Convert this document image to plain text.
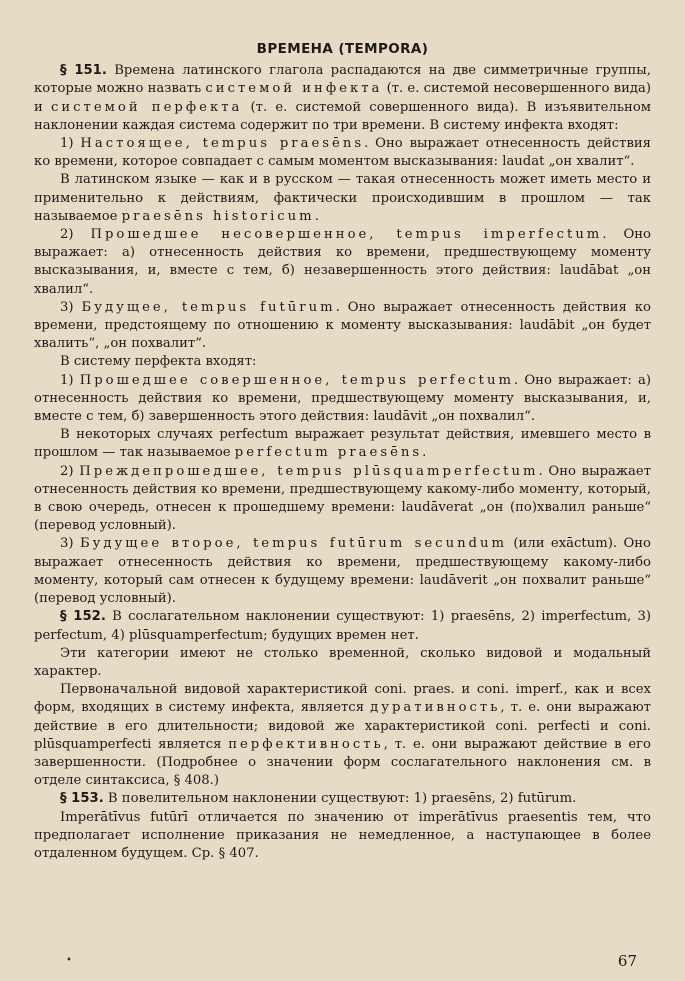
ВРЕМЕНА (TEMPORA)

§ 151. Времена латинского глагола распадаются на две симметричные группы, которые можно назвать системой инфекта (т. е. системой несовершенного вида) и системой перфекта (т. е. системой совершенного вида). В изъявительном наклонении каждая система содержит по три времени. В систему инфекта входят:

1) Настоящее, tempus praesēns. Оно выражает отнесенность действия ко времени, которое совпадает с самым моментом высказывания: laudat „он хвалит“.

В латинском языке — как и в русском — такая отнесенность может иметь место и применительно к действиям, фактически происходившим в прошлом — так называемое praesēns historicum.

2) Прошедшее несовершенное, tempus imperfectum. Оно выражает: а) отнесенность действия ко времени, предшествующему моменту высказывания, и, вместе с тем, б) незавершенность этого действия: laudābat „он хвалил“.

3) Будущее, tempus futūrum. Оно выражает отнесенность действия ко времени, предстоящему по отношению к моменту высказывания: laudābit „он будет хвалить“, „он похвалит“.

В систему перфекта входят:

1) Прошедшее совершенное, tempus perfectum. Оно выражает: а) отнесенность действия ко времени, предшествующему моменту высказывания, и, вместе с тем, б) завершенность этого действия: laudāvit „он похвалил“.

В некоторых случаях perfectum выражает результат действия, имевшего место в прошлом — так называемое perfectum praesēns.

2) Преждепрошедшее, tempus plūsquamperfectum. Оно выражает отнесенность действия ко времени, предшествующему какому-либо моменту, который, в свою очередь, отнесен к прошедшему времени: laudāverat „он (по)хвалил раньше“ (перевод условный).

3) Будущее второе, tempus futūrum secundum (или exāctum). Оно выражает отнесенность действия ко времени, предшествующему какому-либо моменту, который сам отнесен к будущему времени: laudāverit „он похвалит раньше“ (перевод условный).

§ 152. В сослагательном наклонении существуют: 1) praesēns, 2) imperfectum, 3) perfectum, 4) plūsquamperfectum; будущих времен нет.

Эти категории имеют не столько временной, сколько видовой и модальный характер.

Первоначальной видовой характеристикой coni. praes. и coni. imperf., как и всех форм, входящих в систему инфекта, является дуративность, т. е. они выражают действие в его длительности; видовой же характеристикой coni. perfecti и coni. plūsquamperfecti является перфективность, т. е. они выражают действие в его завершенности. (Подробнее о значении форм сослагательного наклонения см. в отделе синтаксиса, § 408.)

§ 153. В повелительном наклонении существуют: 1) praesēns, 2) futūrum.

Imperātīvus futūrī отличается по значению от imperātīvus praesentis тем, что предполагает исполнение приказания не немедленное, а наступающее в более отдаленном будущем. Ср. § 407.

•	67
